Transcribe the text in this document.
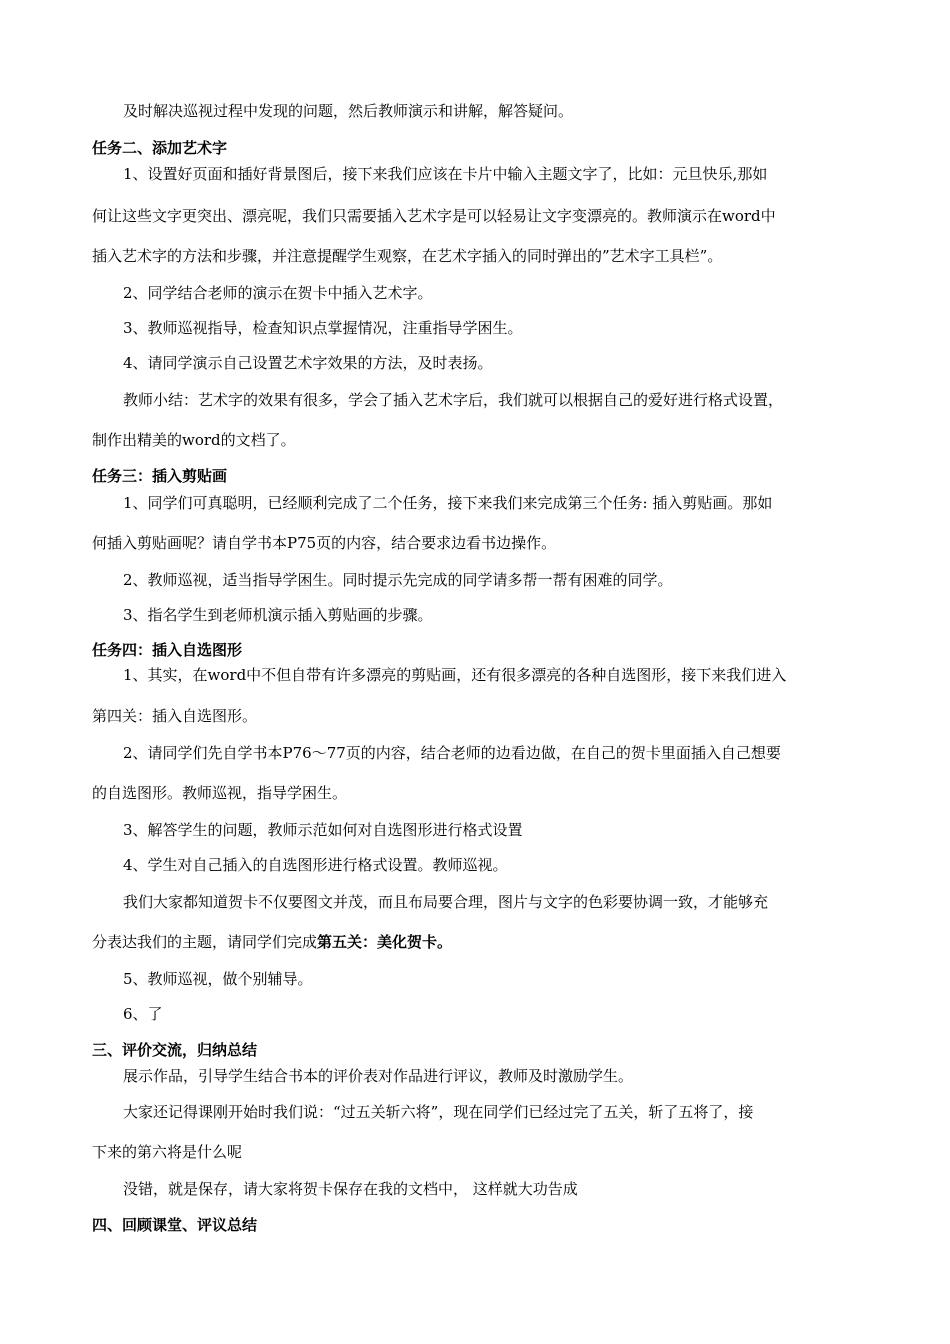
及时解决巡视过程中发现的问题，然后教师演示和讲解，解答疑问。
任务二、添加艺术字
1、设置好页面和插好背景图后，接下来我们应该在卡片中输入主题文字了，比如：元旦快乐,那如
何让这些文字更突出、漂亮呢，我们只需要插入艺术字是可以轻易让文字变漂亮的。教师演示在word中
插入艺术字的方法和步骤，并注意提醒学生观察，在艺术字插入的同时弹出的”艺术字工具栏”。
2、同学结合老师的演示在贺卡中插入艺术字。
3、教师巡视指导，检查知识点掌握情况，注重指导学困生。
4、请同学演示自己设置艺术字效果的方法，及时表扬。
教师小结：艺术字的效果有很多，学会了插入艺术字后，我们就可以根据自己的爱好进行格式设置，
制作出精美的word的文档了。
任务三：插入剪贴画
1、同学们可真聪明，已经顺利完成了二个任务，接下来我们来完成第三个任务: 插入剪贴画。那如
何插入剪贴画呢？请自学书本P75页的内容，结合要求边看书边操作。
2、教师巡视，适当指导学困生。同时提示先完成的同学请多帮一帮有困难的同学。
3、指名学生到老师机演示插入剪贴画的步骤。
任务四：插入自选图形
1、其实，在word中不但自带有许多漂亮的剪贴画，还有很多漂亮的各种自选图形，接下来我们进入
第四关：插入自选图形。
2、请同学们先自学书本P76～77页的内容，结合老师的边看边做，在自己的贺卡里面插入自己想要
的自选图形。教师巡视，指导学困生。
3、解答学生的问题，教师示范如何对自选图形进行格式设置
4、学生对自己插入的自选图形进行格式设置。教师巡视。
我们大家都知道贺卡不仅要图文并茂，而且布局要合理，图片与文字的色彩要协调一致，才能够充
分表达我们的主题，请同学们完成第五关：美化贺卡。
5、教师巡视，做个别辅导。
6、了
三、评价交流，归纳总结
展示作品，引导学生结合书本的评价表对作品进行评议，教师及时激励学生。
大家还记得课刚开始时我们说：“过五关斩六将”，现在同学们已经过完了五关，斩了五将了，接
下来的第六将是什么呢
没错，就是保存，请大家将贺卡保存在我的文档中， 这样就大功告成
四、回顾课堂、评议总结
